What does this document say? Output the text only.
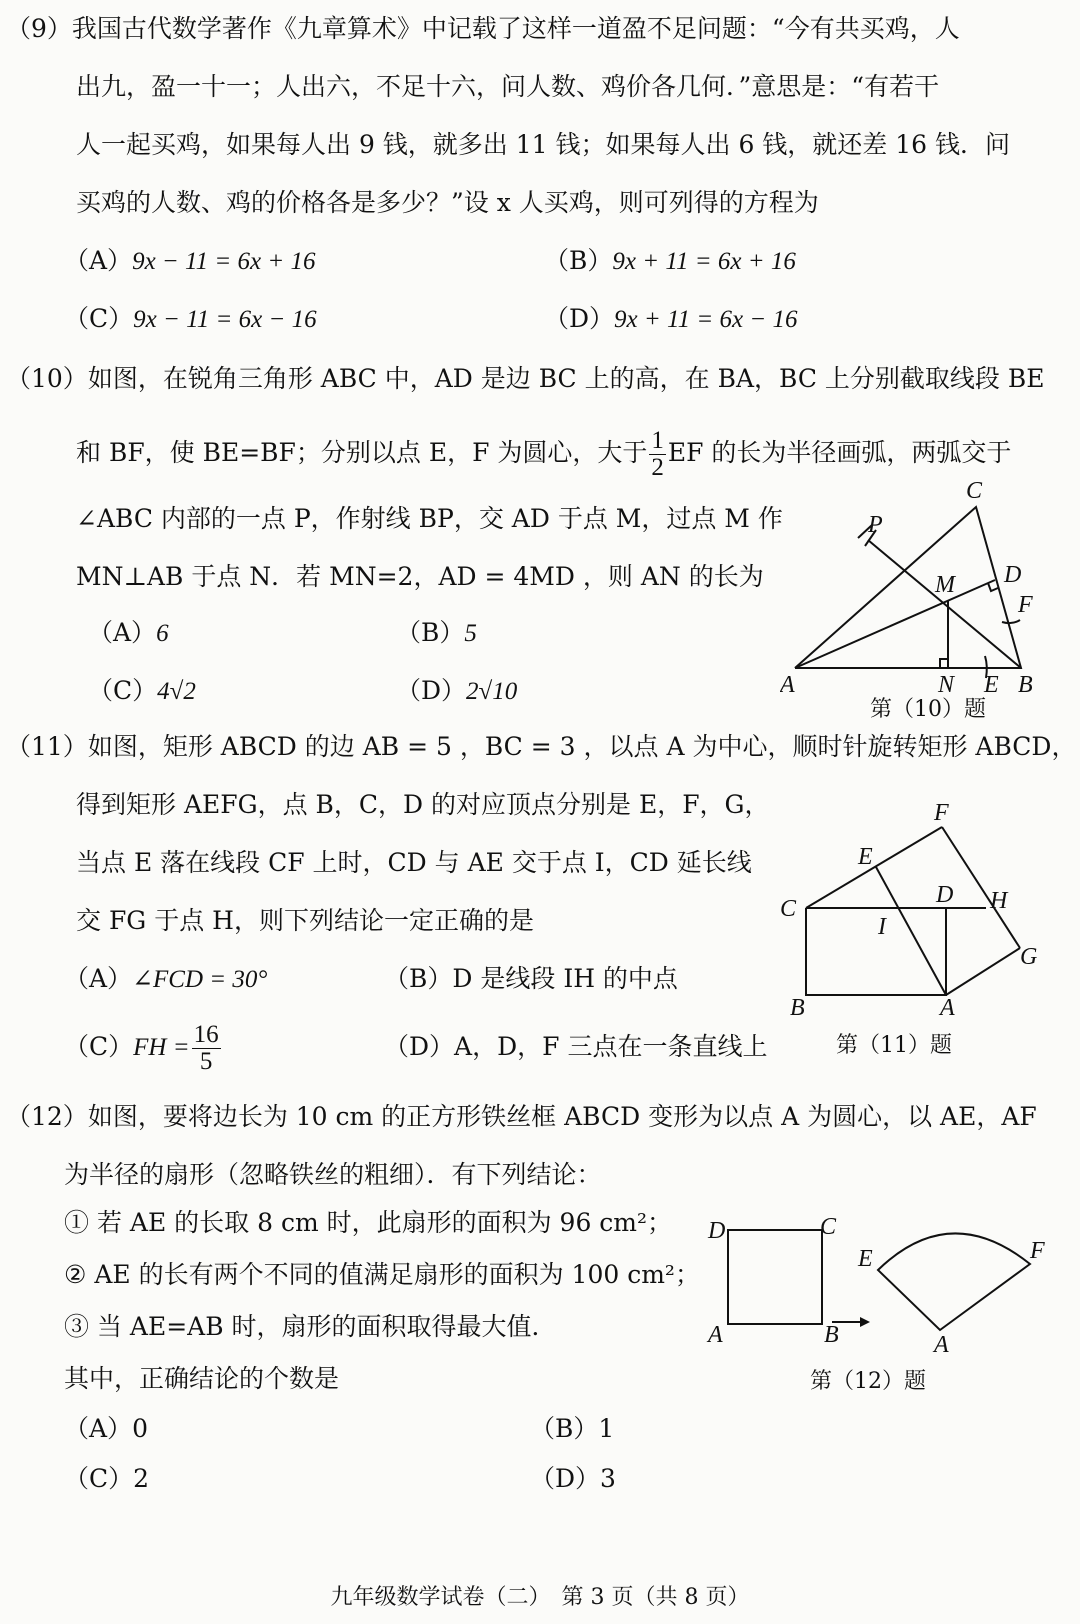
（9）我国古代数学著作《九章算术》中记载了这样一道盈不足问题：“今有共买鸡，人
出九，盈一十一；人出六，不足十六，问人数、鸡价各几何．”意思是：“有若干
人一起买鸡，如果每人出 9 钱，就多出 11 钱；如果每人出 6 钱，就还差 16 钱．问
买鸡的人数、鸡的价格各是多少？”设 x 人买鸡，则可列得的方程为
（A）9x − 11 = 6x + 16	（B）9x + 11 = 6x + 16
（C）9x − 11 = 6x − 16	（D）9x + 11 = 6x − 16
（10）如图，在锐角三角形 ABC 中，AD 是边 BC 上的高，在 BA，BC 上分别截取线段 BE
和 BF，使 BE=BF；分别以点 E，F 为圆心，大于 $\frac{1}{2}$ EF 的长为半径画弧，两弧交于
∠ABC 内部的一点 P，作射线 BP，交 AD 于点 M，过点 M 作
MN⊥AB 于点 N．若 MN=2，AD = 4MD ，则 AN 的长为
（A）6	（B）5
（C）4√2	（D）2√10
C
P
M D
F
A	N E B
第（10）题
（11）如图，矩形 ABCD 的边 AB = 5 ，BC = 3 ，以点 A 为中心，顺时针旋转矩形 ABCD，
得到矩形 AEFG，点 B，C，D 的对应顶点分别是 E，F，G，
当点 E 落在线段 CF 上时，CD 与 AE 交于点 I，CD 延长线
交 FG 于点 H，则下列结论一定正确的是
（A）∠FCD = 30°	（B）D 是线段 IH 的中点
$(C)FH = \frac{16}{5}$	（D）A，D，F 三点在一条直线上
F
E
D H
C
I
G
B	A
第（11）题
（12）如图，要将边长为 10 cm 的正方形铁丝框 ABCD 变形为以点 A 为圆心，以 AE，AF
为半径的扇形（忽略铁丝的粗细）．有下列结论：
① 若 AE 的长取 8 cm 时，此扇形的面积为 96 cm²；
② AE 的长有两个不同的值满足扇形的面积为 100 cm²；
③ 当 AE=AB 时，扇形的面积取得最大值．
其中，正确结论的个数是
（A）0	（B）1
（C）2	（D）3
D	C
A	B
E	F
A
第（12）题
九年级数学试卷（二）　第 3 页（共 8 页）
